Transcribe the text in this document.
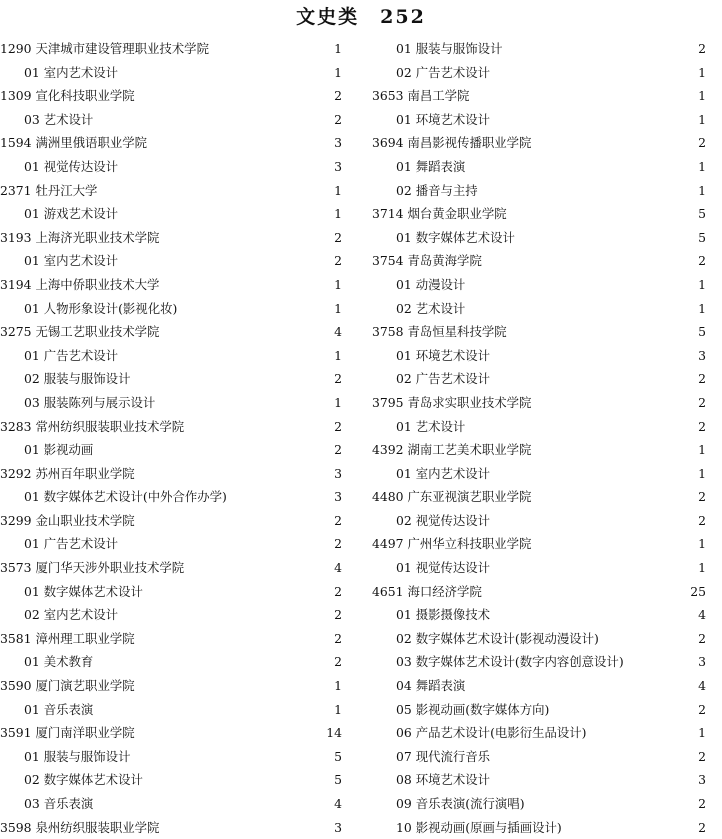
文史类　252
1290 天津城市建设管理职业技术学院	1
01 室内艺术设计	1
1309 宣化科技职业学院	2
03 艺术设计	2
1594 满洲里俄语职业学院	3
01 视觉传达设计	3
2371 牡丹江大学	1
01 游戏艺术设计	1
3193 上海济光职业技术学院	2
01 室内艺术设计	2
3194 上海中侨职业技术大学	1
01 人物形象设计(影视化妆)	1
3275 无锡工艺职业技术学院	4
01 广告艺术设计	1
02 服装与服饰设计	2
03 服装陈列与展示设计	1
3283 常州纺织服装职业技术学院	2
01 影视动画	2
3292 苏州百年职业学院	3
01 数字媒体艺术设计(中外合作办学)	3
3299 金山职业技术学院	2
01 广告艺术设计	2
3573 厦门华天涉外职业技术学院	4
01 数字媒体艺术设计	2
02 室内艺术设计	2
3581 漳州理工职业学院	2
01 美术教育	2
3590 厦门演艺职业学院	1
01 音乐表演	1
3591 厦门南洋职业学院	14
01 服装与服饰设计	5
02 数字媒体艺术设计	5
03 音乐表演	4
3598 泉州纺织服装职业学院	3
01 服装与服饰设计	2
02 广告艺术设计	1
3653 南昌工学院	1
01 环境艺术设计	1
3694 南昌影视传播职业学院	2
01 舞蹈表演	1
02 播音与主持	1
3714 烟台黄金职业学院	5
01 数字媒体艺术设计	5
3754 青岛黄海学院	2
01 动漫设计	1
02 艺术设计	1
3758 青岛恒星科技学院	5
01 环境艺术设计	3
02 广告艺术设计	2
3795 青岛求实职业技术学院	2
01 艺术设计	2
4392 湖南工艺美术职业学院	1
01 室内艺术设计	1
4480 广东亚视演艺职业学院	2
02 视觉传达设计	2
4497 广州华立科技职业学院	1
01 视觉传达设计	1
4651 海口经济学院	25
01 摄影摄像技术	4
02 数字媒体艺术设计(影视动漫设计)	2
03 数字媒体艺术设计(数字内容创意设计)	3
04 舞蹈表演	4
05 影视动画(数字媒体方向)	2
06 产品艺术设计(电影衍生品设计)	1
07 现代流行音乐	2
08 环境艺术设计	3
09 音乐表演(流行演唱)	2
10 影视动画(原画与插画设计)	2
